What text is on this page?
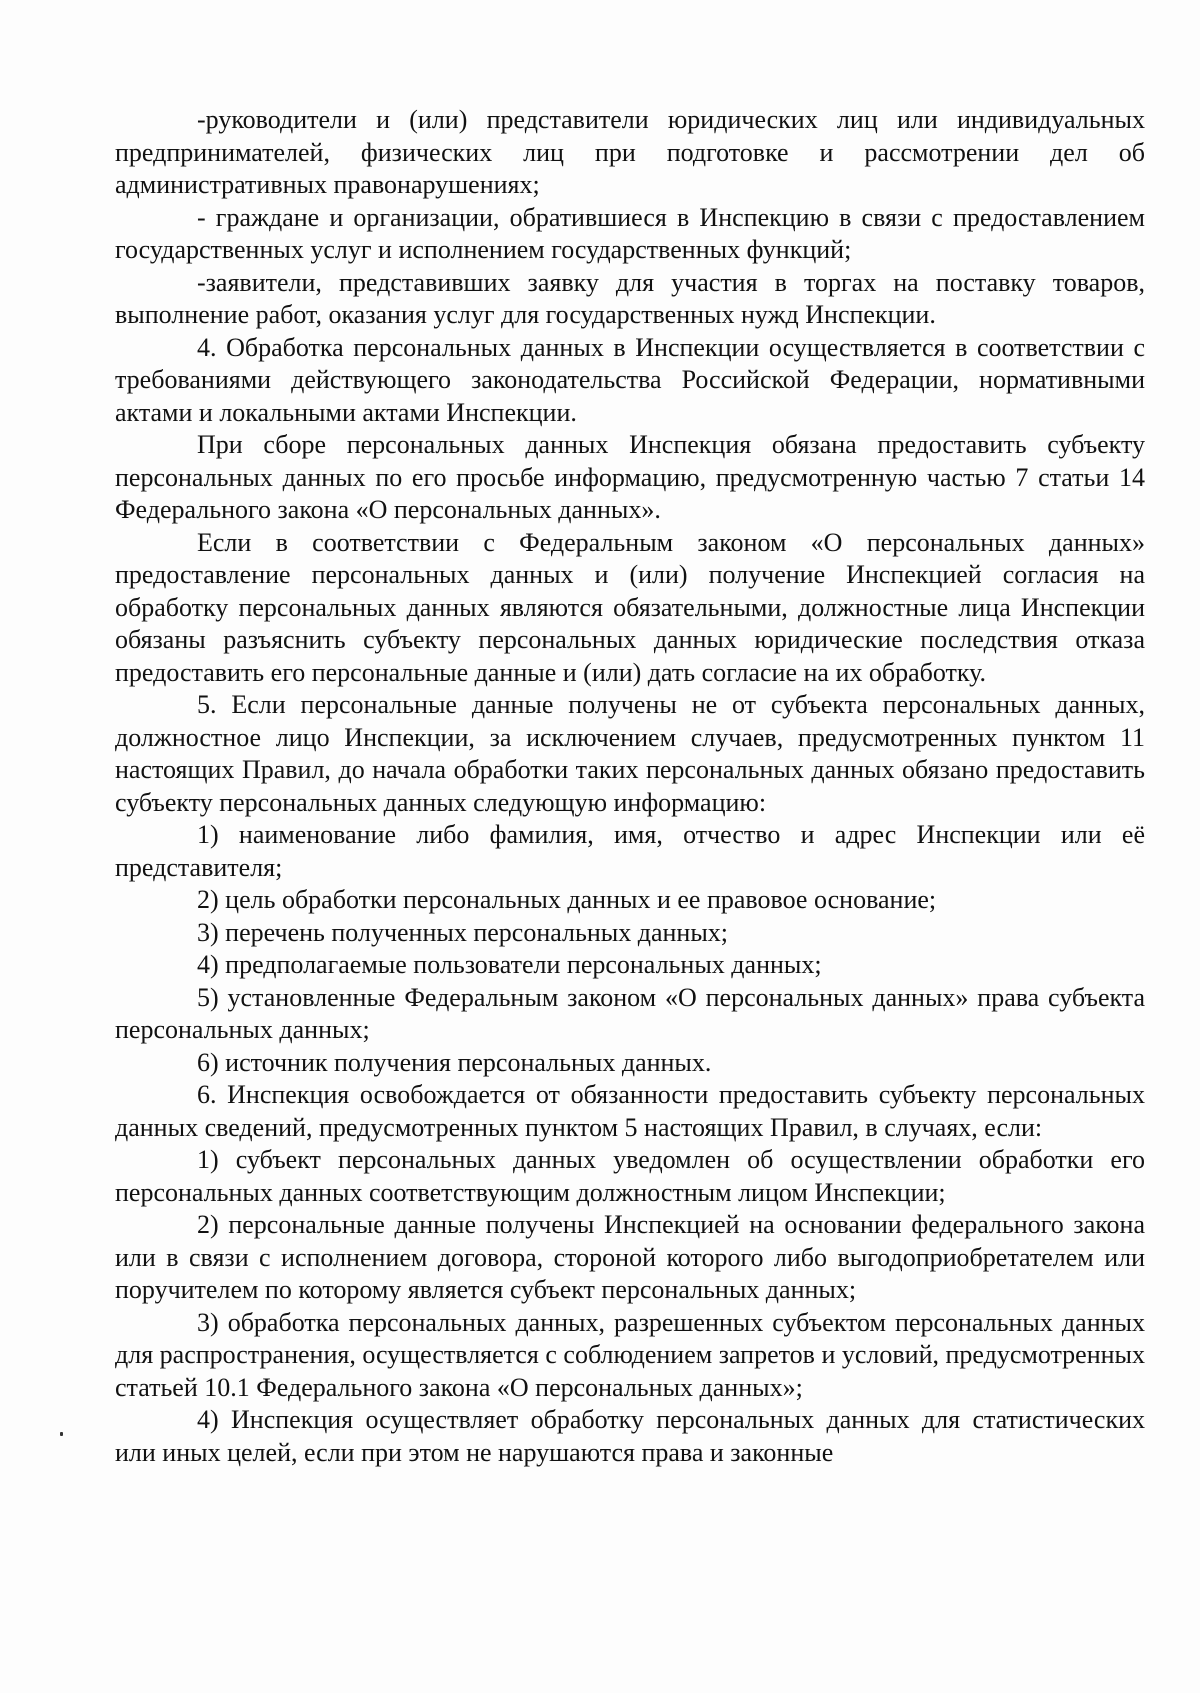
-руководители и (или) представители юридических лиц или индивидуальных предпринимателей, физических лиц при подготовке и рассмотрении дел об административных правонарушениях;

- граждане и организации, обратившиеся в Инспекцию в связи с предоставлением государственных услуг и исполнением государственных функций;

-заявители, представивших заявку для участия в торгах на поставку товаров, выполнение работ, оказания услуг для государственных нужд Инспекции.

4. Обработка персональных данных в Инспекции осуществляется в соответствии с требованиями действующего законодательства Российской Федерации, нормативными актами и локальными актами Инспекции.

При сборе персональных данных Инспекция обязана предоставить субъекту персональных данных по его просьбе информацию, предусмотренную частью 7 статьи 14 Федерального закона «О персональных данных».

Если в соответствии с Федеральным законом «О персональных данных» предоставление персональных данных и (или) получение Инспекцией согласия на обработку персональных данных являются обязательными, должностные лица Инспекции обязаны разъяснить субъекту персональных данных юридические последствия отказа предоставить его персональные данные и (или) дать согласие на их обработку.

5. Если персональные данные получены не от субъекта персональных данных, должностное лицо Инспекции, за исключением случаев, предусмотренных пунктом 11 настоящих Правил, до начала обработки таких персональных данных обязано предоставить субъекту персональных данных следующую информацию:

1) наименование либо фамилия, имя, отчество и адрес Инспекции или её представителя;

2) цель обработки персональных данных и ее правовое основание;

3) перечень полученных персональных данных;

4) предполагаемые пользователи персональных данных;

5) установленные Федеральным законом «О персональных данных» права субъекта персональных данных;

6) источник получения персональных данных.

6. Инспекция освобождается от обязанности предоставить субъекту персональных данных сведений, предусмотренных пунктом 5 настоящих Правил, в случаях, если:

1) субъект персональных данных уведомлен об осуществлении обработки его персональных данных соответствующим должностным лицом Инспекции;

2) персональные данные получены Инспекцией на основании федерального закона или в связи с исполнением договора, стороной которого либо выгодоприобретателем или поручителем по которому является субъект персональных данных;

3) обработка персональных данных, разрешенных субъектом персональных данных для распространения, осуществляется с соблюдением запретов и условий, предусмотренных статьей 10.1 Федерального закона «О персональных данных»;

4) Инспекция осуществляет обработку персональных данных для статистических или иных целей, если при этом не нарушаются права и законные
